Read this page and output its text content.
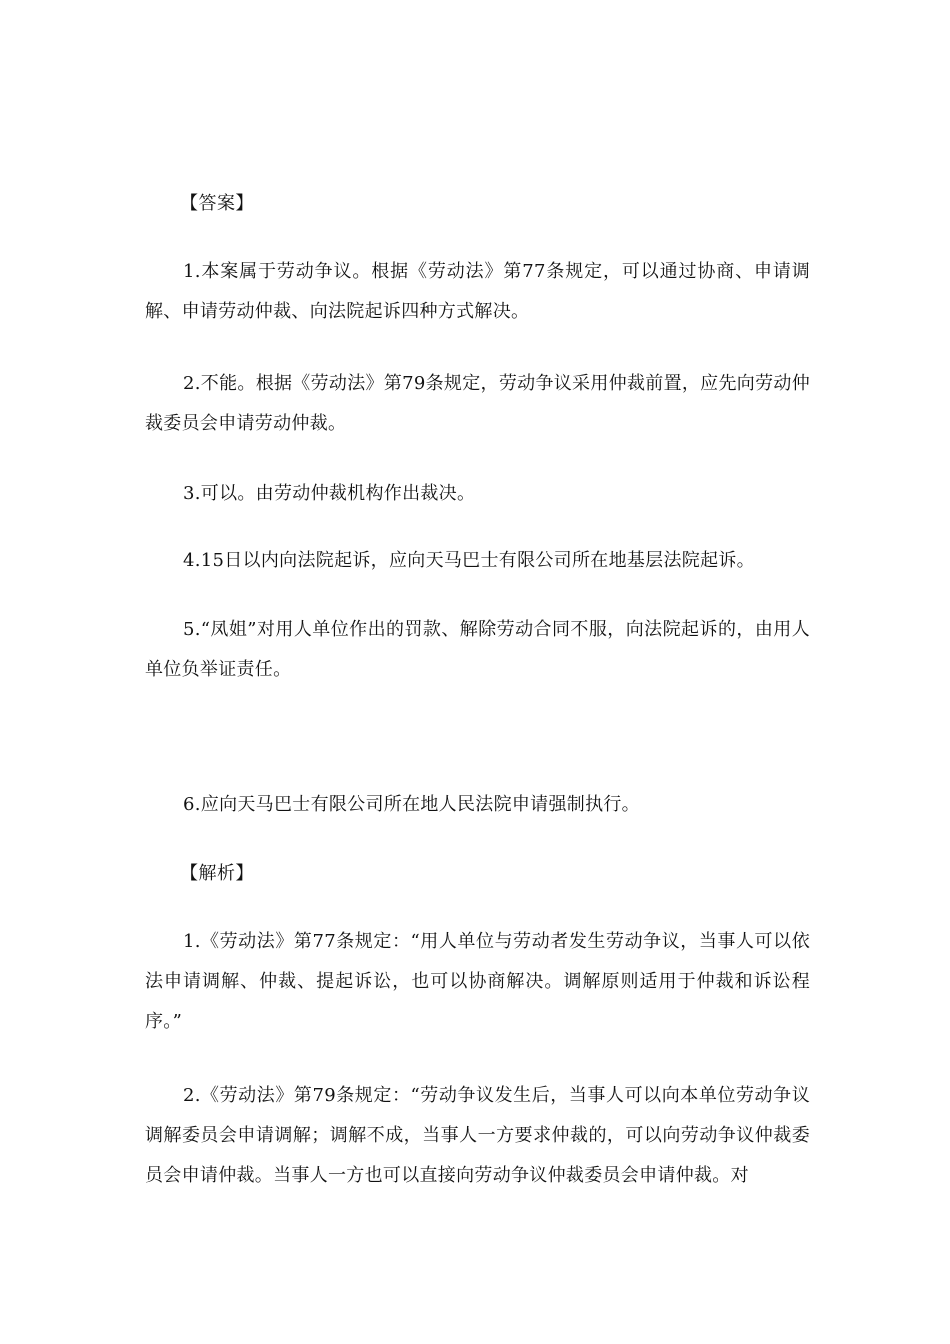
【答案】

1.本案属于劳动争议。根据《劳动法》第77条规定，可以通过协商、申请调解、申请劳动仲裁、向法院起诉四种方式解决。

2.不能。根据《劳动法》第79条规定，劳动争议采用仲裁前置，应先向劳动仲裁委员会申请劳动仲裁。

3.可以。由劳动仲裁机构作出裁决。

4.15日以内向法院起诉，应向天马巴士有限公司所在地基层法院起诉。

5.“凤姐”对用人单位作出的罚款、解除劳动合同不服，向法院起诉的，由用人单位负举证责任。

6.应向天马巴士有限公司所在地人民法院申请强制执行。

【解析】

1.《劳动法》第77条规定：“用人单位与劳动者发生劳动争议，当事人可以依法申请调解、仲裁、提起诉讼，也可以协商解决。调解原则适用于仲裁和诉讼程序。”

2.《劳动法》第79条规定：“劳动争议发生后，当事人可以向本单位劳动争议调解委员会申请调解；调解不成，当事人一方要求仲裁的，可以向劳动争议仲裁委员会申请仲裁。当事人一方也可以直接向劳动争议仲裁委员会申请仲裁。对
